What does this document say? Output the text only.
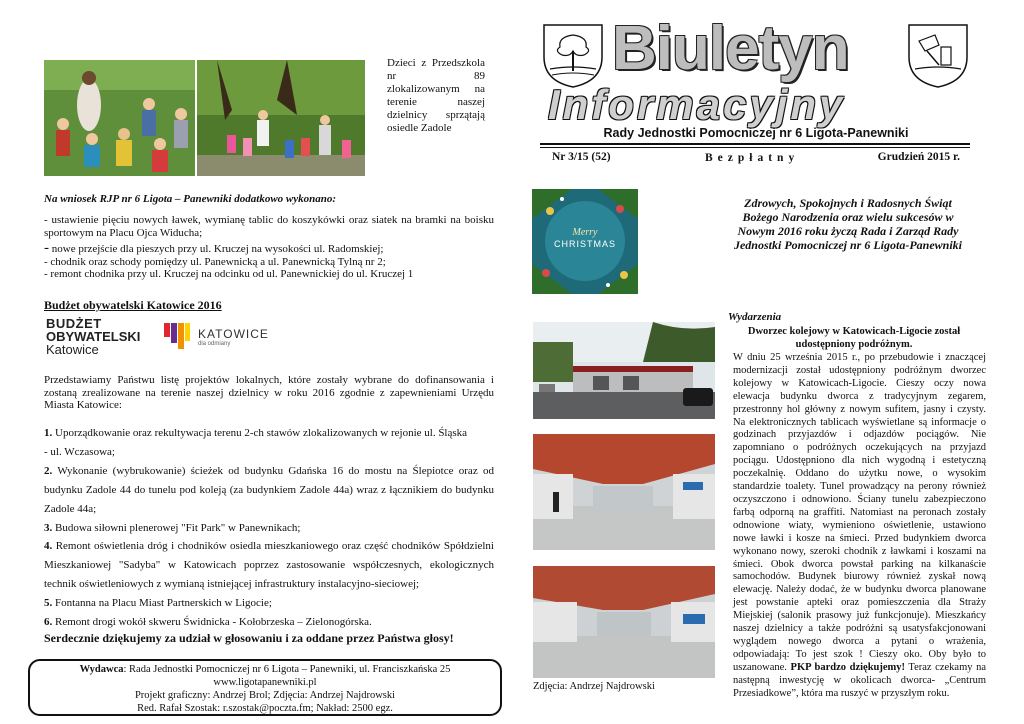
Dzieci z Przedszkola nr 89 zlokalizowanym na terenie naszej dzielnicy sprzątają osiedle Zadole
Na wniosek RJP nr 6 Ligota – Panewniki dodatkowo wykonano:
- ustawienie pięciu nowych ławek, wymianę tablic do koszykówki oraz siatek na bramki na boisku sportowym na Placu Ojca Widucha;
- nowe przejście dla pieszych przy ul. Kruczej na wysokości ul. Radomskiej;
- chodnik oraz schody pomiędzy ul. Panewnicką a ul. Panewnicką Tylną nr 2;
- remont chodnika przy ul. Kruczej na odcinku od ul. Panewnickiej do ul. Kruczej 1
Budżet obywatelski Katowice 2016
BUDŻET
OBYWATELSKI
Katowice
KATOWICE
dla odmiany
Przedstawiamy Państwu listę projektów lokalnych, które zostały wybrane do dofinansowania i zostaną zrealizowane na terenie naszej dzielnicy w roku 2016 zgodnie z zapewnieniami Urzędu Miasta Katowice:
1. Uporządkowanie oraz rekultywacja terenu 2-ch stawów zlokalizowanych w rejonie ul. Śląska
- ul. Wczasowa;
2. Wykonanie (wybrukowanie) ścieżek od budynku Gdańska 16 do mostu na Ślepiotce oraz od budynku Zadole 44 do tunelu pod koleją (za budynkiem Zadole 44a) wraz z łącznikiem do budynku Zadole 44a;
3. Budowa siłowni plenerowej "Fit Park" w Panewnikach;
4. Remont oświetlenia dróg i chodników osiedla mieszkaniowego oraz część chodników Spółdzielni Mieszkaniowej "Sadyba" w Katowicach poprzez zastosowanie współczesnych, ekologicznych technik oświetleniowych z wymianą istniejącej infrastruktury instalacyjno-sieciowej;
5. Fontanna na Placu Miast Partnerskich w Ligocie;
6. Remont drogi wokół skweru Świdnicka - Kołobrzeska – Zielonogórska.
Serdecznie dziękujemy za udział w głosowaniu i za oddane przez Państwa głosy!
Wydawca: Rada Jednostki Pomocniczej nr 6 Ligota – Panewniki, ul. Franciszkańska 25
www.ligotapanewniki.pl
Projekt graficzny: Andrzej Brol; Zdjęcia: Andrzej Najdrowski
Red. Rafał Szostak: r.szostak@poczta.fm; Nakład: 2500 egz.
Biuletyn
Informacyjny
Rady Jednostki Pomocniczej nr 6 Ligota-Panewniki
Nr 3/15 (52)	Bezpłatny	Grudzień 2015 r.
Merry
CHRISTMAS
Zdrowych, Spokojnych i Radosnych Świąt Bożego Narodzenia oraz wielu sukcesów w Nowym 2016 roku życzą Rada i Zarząd Rady Jednostki Pomocniczej nr 6 Ligota-Panewniki
Zdjęcia: Andrzej Najdrowski
Wydarzenia
Dworzec kolejowy w Katowicach-Ligocie został udostępniony podróżnym.
W dniu 25 września 2015 r., po przebudowie i znaczącej modernizacji został udostępniony podróżnym dworzec kolejowy w Katowicach-Ligocie. Cieszy oczy nowa elewacja budynku dworca z tradycyjnym zegarem, przestronny hol główny z nowym sufitem, jasny i czysty. Na elektronicznych tablicach wyświetlane są informacje o godzinach przyjazdów i odjazdów pociągów. Nie zapomniano o podróżnych oczekujących na przyjazd pociągu. Udostępniono dla nich wygodną i estetyczną poczekalnię. Oddano do użytku nowe, o wysokim standardzie toalety. Tunel prowadzący na perony również oczyszczono i odnowiono. Ściany tunelu zabezpieczono farbą odporną na graffiti. Natomiast na peronach zostały odnowione wiaty, wymieniono oświetlenie, ustawiono nowe ławki i kosze na śmieci. Przed budynkiem dworca wykonano nowy, szeroki chodnik z ławkami i koszami na śmieci. Obok dworca powstał parking na kilkanaście samochodów. Budynek biurowy również zyskał nową elewację. Należy dodać, że w budynku dworca planowane jest powstanie apteki oraz pomieszczenia dla Straży Miejskiej (salonik prasowy już funkcjonuje). Mieszkańcy naszej dzielnicy a także podróżni są usatysfakcjonowani wyglądem nowego dworca a pytani o wrażenia, odpowiadają: To jest szok ! Cieszy oko. Oby było to uszanowane. PKP bardzo dziękujemy! Teraz czekamy na następną inwestycję w okolicach dworca- „Centrum Przesiadkowe”, która ma ruszyć w przyszłym roku.
